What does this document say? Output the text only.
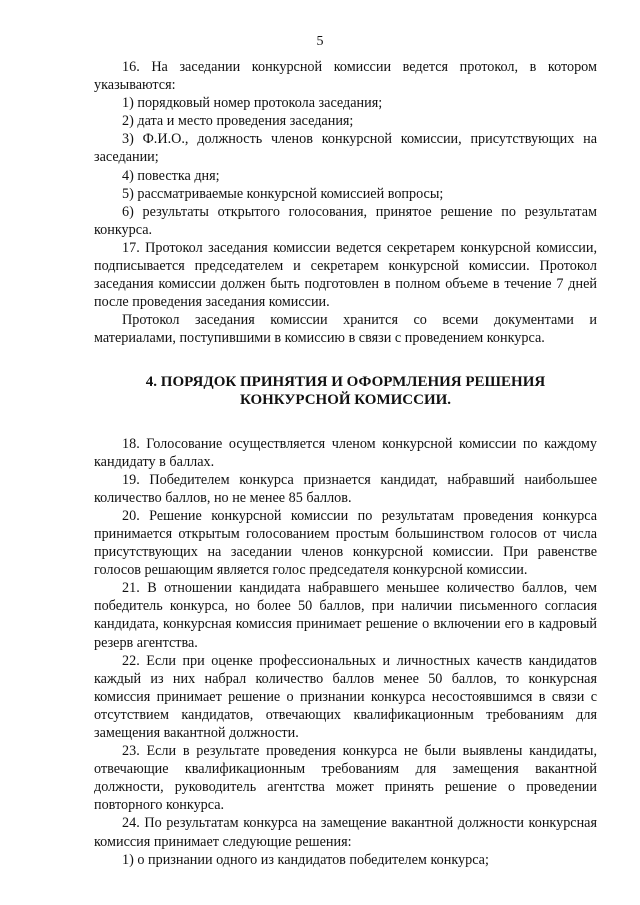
5

16. На заседании конкурсной комиссии ведется протокол, в котором указываются:

1) порядковый номер протокола заседания;

2) дата и место проведения заседания;

3) Ф.И.О., должность членов конкурсной комиссии, присутствующих на заседании;

4) повестка дня;

5) рассматриваемые конкурсной комиссией вопросы;

6) результаты открытого голосования, принятое решение по результатам конкурса.

17. Протокол заседания комиссии ведется секретарем конкурсной комиссии, подписывается председателем и секретарем конкурсной комиссии. Протокол заседания комиссии должен быть подготовлен в полном объеме в течение 7 дней после проведения заседания комиссии.

Протокол заседания комиссии хранится со всеми документами и материалами, поступившими в комиссию в связи с проведением конкурса.

4. ПОРЯДОК ПРИНЯТИЯ И ОФОРМЛЕНИЯ РЕШЕНИЯ
КОНКУРСНОЙ КОМИССИИ.

18. Голосование осуществляется членом конкурсной комиссии по каждому кандидату в баллах.

19. Победителем конкурса признается кандидат, набравший наибольшее количество баллов, но не менее 85 баллов.

20. Решение конкурсной комиссии по результатам проведения конкурса принимается открытым голосованием простым большинством голосов от числа присутствующих на заседании членов конкурсной комиссии. При равенстве голосов решающим является голос председателя конкурсной комиссии.

21. В отношении кандидата набравшего меньшее количество баллов, чем победитель конкурса, но более 50 баллов, при наличии письменного согласия кандидата, конкурсная комиссия принимает решение о включении его в кадровый резерв агентства.

22. Если при оценке профессиональных и личностных качеств кандидатов каждый из них набрал количество баллов менее 50 баллов, то конкурсная комиссия принимает решение о признании конкурса несостоявшимся в связи с отсутствием кандидатов, отвечающих квалификационным требованиям для замещения вакантной должности.

23. Если в результате проведения конкурса не были выявлены кандидаты, отвечающие квалификационным требованиям для замещения вакантной должности, руководитель агентства может принять решение о проведении повторного конкурса.

24. По результатам конкурса на замещение вакантной должности конкурсная комиссия принимает следующие решения:

1) о признании одного из кандидатов победителем конкурса;
